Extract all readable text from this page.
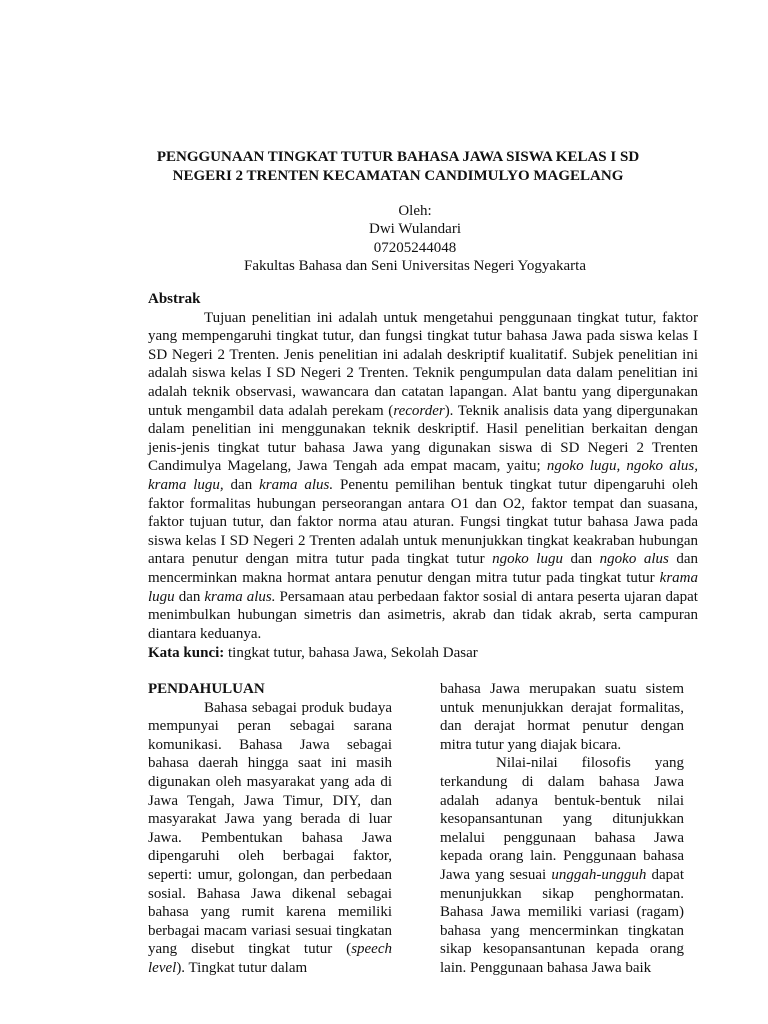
PENGGUNAAN TINGKAT TUTUR BAHASA JAWA SISWA KELAS I SD
NEGERI 2 TRENTEN KECAMATAN CANDIMULYO MAGELANG
Oleh:
Dwi Wulandari
07205244048
Fakultas Bahasa dan Seni Universitas Negeri Yogyakarta
Abstrak

Tujuan penelitian ini adalah untuk mengetahui penggunaan tingkat tutur, faktor yang mempengaruhi tingkat tutur, dan fungsi tingkat tutur bahasa Jawa pada siswa kelas I SD Negeri 2 Trenten. Jenis penelitian ini adalah deskriptif kualitatif. Subjek penelitian ini adalah siswa kelas I SD Negeri 2 Trenten. Teknik pengumpulan data dalam penelitian ini adalah teknik observasi, wawancara dan catatan lapangan. Alat bantu yang dipergunakan untuk mengambil data adalah perekam (recorder). Teknik analisis data yang dipergunakan dalam penelitian ini menggunakan teknik deskriptif. Hasil penelitian berkaitan dengan jenis-jenis tingkat tutur bahasa Jawa yang digunakan siswa di SD Negeri 2 Trenten Candimulya Magelang, Jawa Tengah ada empat macam, yaitu; ngoko lugu, ngoko alus, krama lugu, dan krama alus. Penentu pemilihan bentuk tingkat tutur dipengaruhi oleh faktor formalitas hubungan perseorangan antara O1 dan O2, faktor tempat dan suasana, faktor tujuan tutur, dan faktor norma atau aturan. Fungsi tingkat tutur bahasa Jawa pada siswa kelas I SD Negeri 2 Trenten adalah untuk menunjukkan tingkat keakraban hubungan antara penutur dengan mitra tutur pada tingkat tutur ngoko lugu dan ngoko alus dan mencerminkan makna hormat antara penutur dengan mitra tutur pada tingkat tutur krama lugu dan krama alus. Persamaan atau perbedaan faktor sosial di antara peserta ujaran dapat menimbulkan hubungan simetris dan asimetris, akrab dan tidak akrab, serta campuran diantara keduanya.

Kata kunci: tingkat tutur, bahasa Jawa, Sekolah Dasar
PENDAHULUAN

Bahasa sebagai produk budaya mempunyai peran sebagai sarana komunikasi. Bahasa Jawa sebagai bahasa daerah hingga saat ini masih digunakan oleh masyarakat yang ada di Jawa Tengah, Jawa Timur, DIY, dan masyarakat Jawa yang berada di luar Jawa. Pembentukan bahasa Jawa dipengaruhi oleh berbagai faktor, seperti: umur, golongan, dan perbedaan sosial. Bahasa Jawa dikenal sebagai bahasa yang rumit karena memiliki berbagai macam variasi sesuai tingkatan yang disebut tingkat tutur (speech level). Tingkat tutur dalam

bahasa Jawa merupakan suatu sistem untuk menunjukkan derajat formalitas, dan derajat hormat penutur dengan mitra tutur yang diajak bicara.

Nilai-nilai filosofis yang terkandung di dalam bahasa Jawa adalah adanya bentuk-bentuk nilai kesopansantunan yang ditunjukkan melalui penggunaan bahasa Jawa kepada orang lain. Penggunaan bahasa Jawa yang sesuai unggah-ungguh dapat menunjukkan sikap penghormatan. Bahasa Jawa memiliki variasi (ragam) bahasa yang mencerminkan tingkatan sikap kesopansantunan kepada orang lain. Penggunaan bahasa Jawa baik
